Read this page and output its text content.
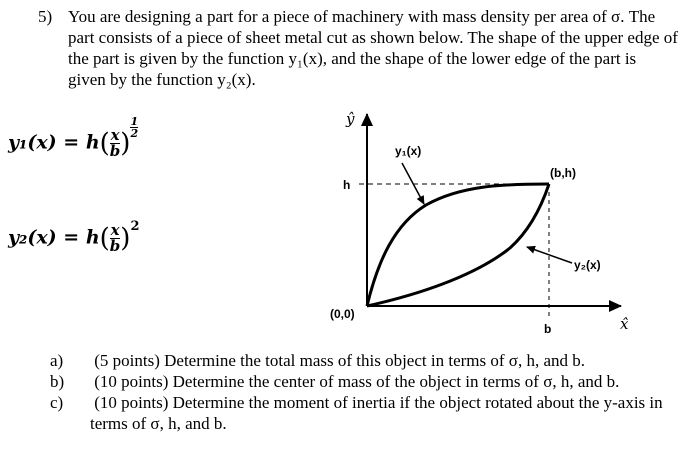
5) You are designing a part for a piece of machinery with mass density per area of σ. The part consists of a piece of sheet metal cut as shown below. The shape of the upper edge of the part is given by the function y₁(x), and the shape of the lower edge of the part is given by the function y₂(x).
$y_1(x) = h(\frac{x}{b} )^{\frac{1}{2}}$
$y_2(x) = h(\frac{x}{b} )^2$
ŷ
x̂
h
b
(0,0)
(b,h)
y₁(x)
y₂(x)
a) (5 points) Determine the total mass of this object in terms of σ, h, and b.
b) (10 points) Determine the center of mass of the object in terms of σ, h, and b.
c) (10 points) Determine the moment of inertia if the object rotated about the y-axis in terms of σ, h, and b.
